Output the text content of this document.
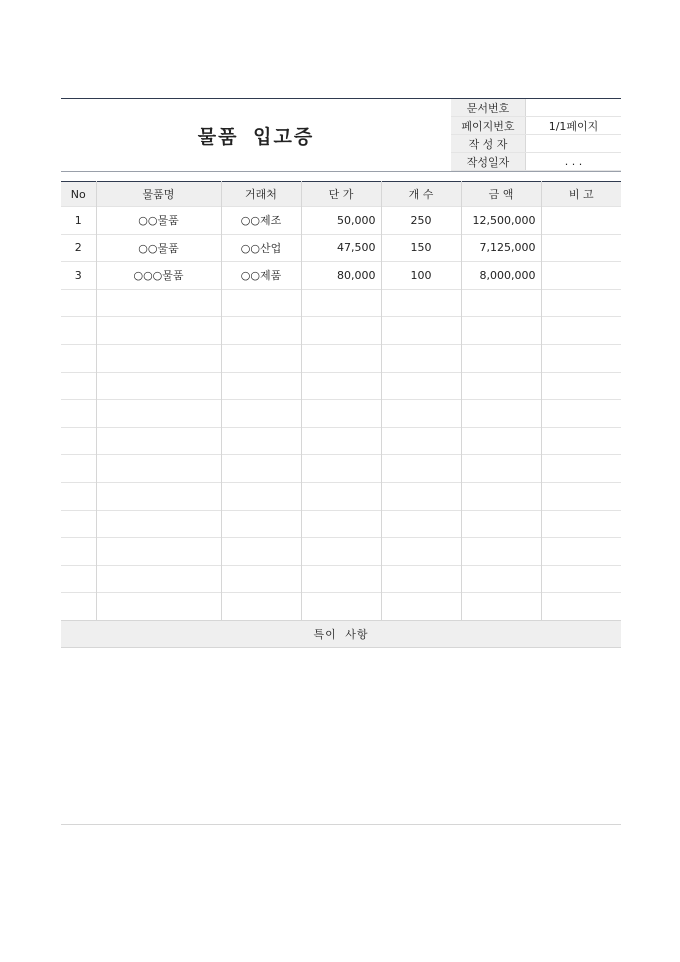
물품 입고증
문서번호	
페이지번호	1/1페이지
작 성 자	
작성일자	. . .
No	물품명	거래처	단 가	개 수	금 액	비 고
1	○○물품	○○제조	50,000	250	12,500,000	
2	○○물품	○○산업	47,500	150	7,125,000	
3	○○○물품	○○제품	80,000	100	8,000,000	

특이 사항
